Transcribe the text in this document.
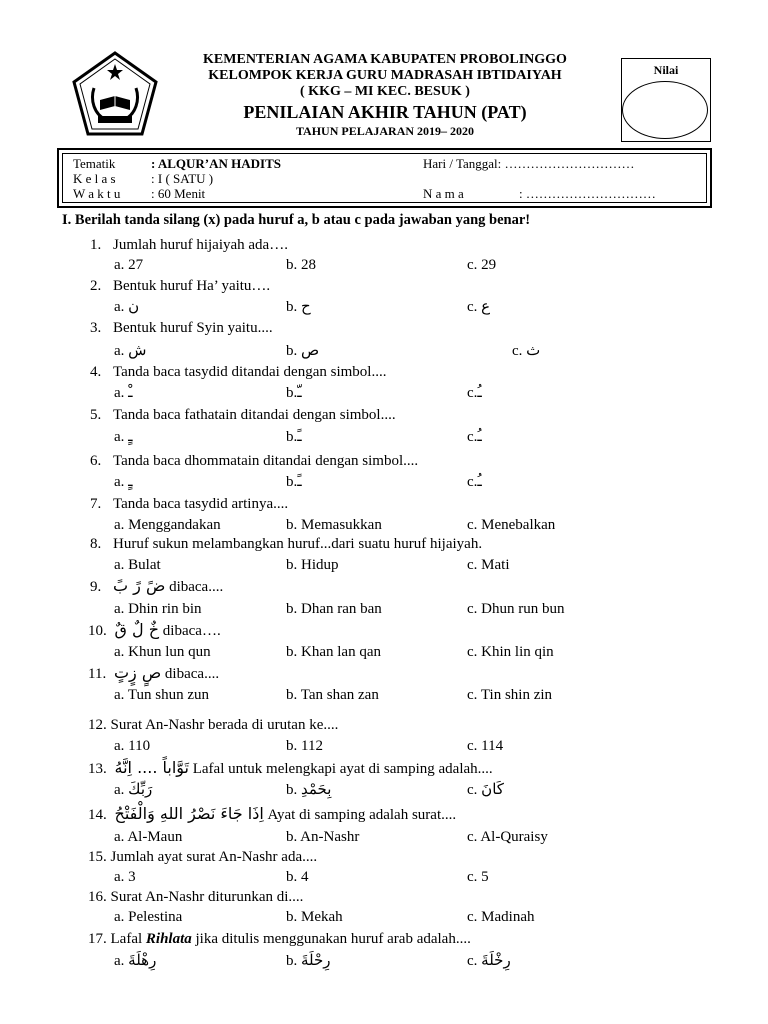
KEMENTERIAN AGAMA KABUPATEN PROBOLINGGO
KELOMPOK KERJA GURU MADRASAH IBTIDAIYAH
( KKG – MI KEC. BESUK )
PENILAIAN AKHIR TAHUN (PAT)
TAHUN PELAJARAN 2019– 2020
Nilai
Tematik	: ALQUR’AN HADITS
K e l a s	: I ( SATU )
W a k t u : 60 Menit
Hari / Tanggal: …………………………
N a m a	: …………………………
I. Berilah tanda silang (x) pada huruf a, b atau c pada jawaban yang benar!
1. Jumlah huruf hijaiyah ada….
a. 27	b. 28	c. 29
2. Bentuk huruf Ha’ yaitu….
a. ن	b. ح	c. ع
3. Bentuk huruf Syin yaitu....
a. ش	b. ص	c. ث
4. Tanda baca tasydid ditandai dengan simbol....
a. ـْ	b.ـّ	c.ـُ
5. Tanda baca fathatain ditandai dengan simbol....
a. ـٍ	b.ـً	c.ـُ
6. Tanda baca dhommatain ditandai dengan simbol....
a. ـٍ	b.ـً	c.ـُ
7. Tanda baca tasydid artinya....
a. Menggandakan	b. Memasukkan	c. Menebalkan
8. Huruf sukun melambangkan huruf...dari suatu huruf hijaiyah.
a. Bulat	b. Hidup	c. Mati
9. ضً رً بً dibaca....
a. Dhin rin bin	b. Dhan ran ban	c. Dhun run bun
10. خٌ لٌ قٌ dibaca….
a. Khun lun qun	b. Khan lan qan	c. Khin lin qin
11. صٍ زٍتٍ dibaca....
a. Tun shun zun	b. Tan shan zan	c. Tin shin zin
12. Surat An-Nashr berada di urutan ke....
a. 110	b. 112	c. 114
13. تَوَّاباً .... اِنَّهُ Lafal untuk melengkapi ayat di samping adalah....
a. رَبِّكَ	b. بِحَمْدِ	c. كَانَ
14. اِذَا جَاءَ نَصْرُ اللهِ وَالْفَتْحُ Ayat di samping adalah surat....
a. Al-Maun	b. An-Nashr	c. Al-Quraisy
15. Jumlah ayat surat An-Nashr ada....
a. 3	b. 4	c. 5
16. Surat An-Nashr diturunkan di....
a. Pelestina	b. Mekah	c. Madinah
17. Lafal Rihlata jika ditulis menggunakan huruf arab adalah....
a. رِهْلَةَ	b. رِحْلَةَ	c. رِخْلَةَ
